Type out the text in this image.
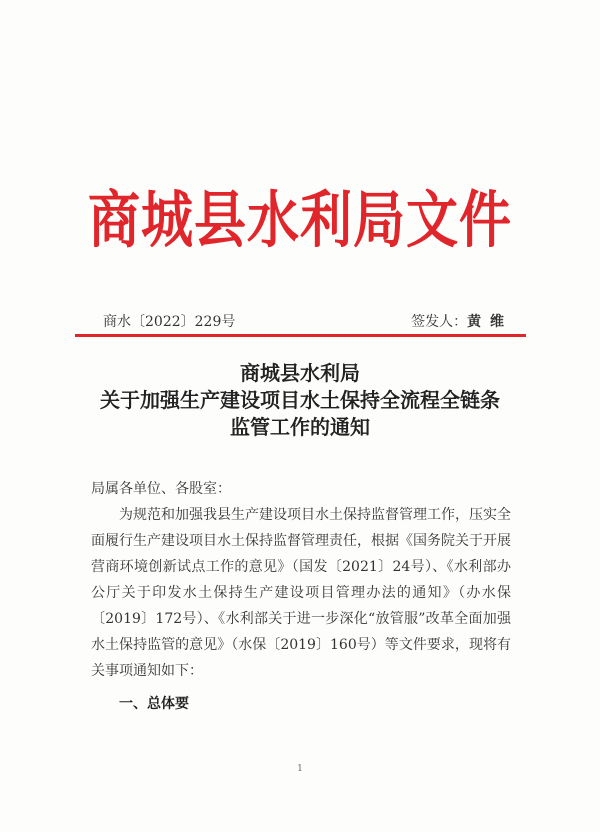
商城县水利局文件
商水〔2022〕229号	签发人：黄 维
商城县水利局
关于加强生产建设项目水土保持全流程全链条
监管工作的通知
局属各单位、各股室：
为规范和加强我县生产建设项目水土保持监督管理工作，压实全面履行生产建设项目水土保持监督管理责任，根据《国务院关于开展营商环境创新试点工作的意见》（国发〔2021〕24号）、《水利部办公厅关于印发水土保持生产建设项目管理办法的通知》（办水保〔2019〕172号）、《水利部关于进一步深化“放管服”改革全面加强水土保持监管的意见》（水保〔2019〕160号）等文件要求，现将有关事项通知如下：
一、总体要
1
